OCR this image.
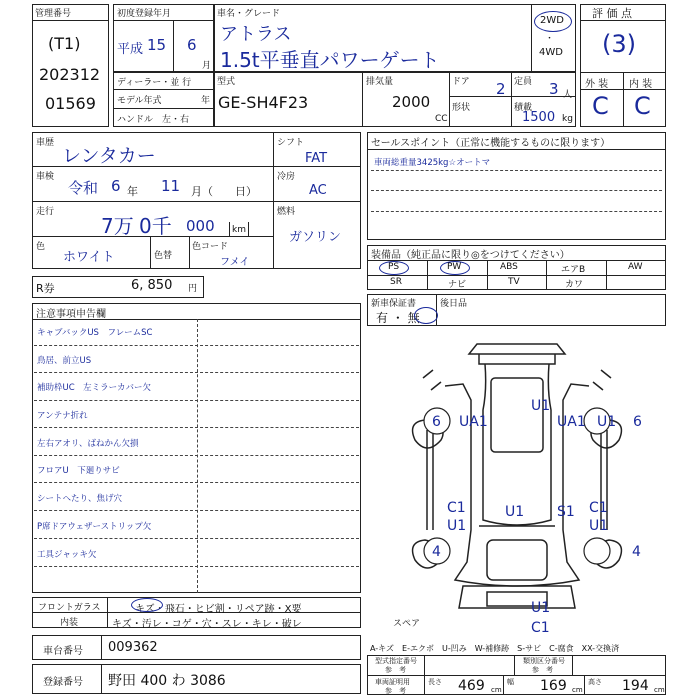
管理番号
(T1)
202312
01569
初度登録年月
平成 15 6
月
車名・グレード
アトラス
1.5t平垂直パワーゲート
2WD
・
4WD
評 価 点
(3)
外 装 内 装
C C
ディーラー・並 行
モデル年式	年
ハンドル　左・右
型式
GE-SH4F23
排気量
2000
CC
ドア 2 定員 3 人
形状	積載
1500 kg
車歴
レンタカー
シフト
FAT
車検
令和 6 年 11 月（　　日）
冷房
AC
走行
7万 0千 000 km
燃料
ガソリン
色
ホワイト	色替
色コード
フメイ
R券	6, 850 円
セールスポイント（正常に機能するものに限ります）
車両総重量3425kg☆オートマ
装備品（純正品に限り◎をつけてください）
PS	PW	ABS	エアB	AW
SR	ナビ	TV	カワ
新車保証書	後日品
有 ・ 無
注意事項申告欄
キャブバックUS　フレームSC
鳥居、前立US
補助枠UC　左ミラーカバー欠
アンテナ折れ
左右アオリ、ばねかん欠損
フロアU　下廻りサビ
シートへたり、焦げ穴
P席ドアウェザーストリップ欠
工具ジャッキ欠
フロントガラス	キズ・飛石・ヒビ割・リペア跡・X要
内装	キズ・汚レ・コゲ・穴・スレ・キレ・破レ
車台番号 009362
登録番号 野田 400 わ 3086
U1
UA1	UA1 U1
6	6
C1
U1
U1 S1 C1
U1
4	4
U1
C1
スペア
A-キズ　E-エクボ　U-凹み　W-補修跡　S-サビ　C-腐食　XX-交換済
型式指定番号
参　考
類別区分番号
参　考
車両証明用
参　考
長さ 469 cm
幅 169 cm
高さ 194 cm
